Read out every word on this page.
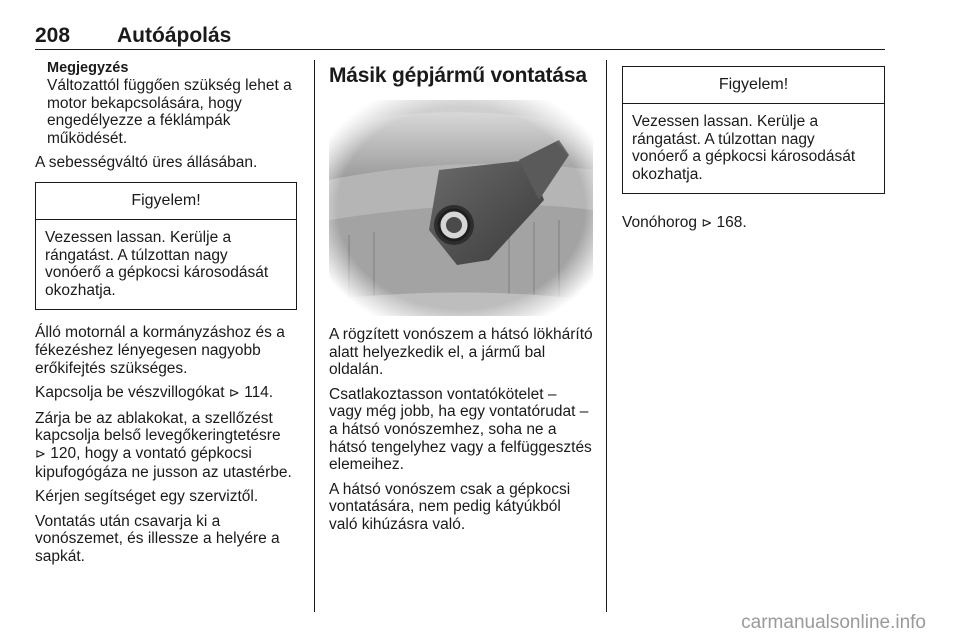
208 Autóápolás
Megjegyzés
Változattól függően szükség lehet a motor bekapcsolására, hogy engedélyezze a féklámpák működését.

A sebességváltó üres állásában.

Figyelem!
Vezessen lassan. Kerülje a rángatást. A túlzottan nagy vonóerő a gépkocsi károsodását okozhatja.

Álló motornál a kormányzáshoz és a fékezéshez lényegesen nagyobb erőkifejtés szükséges.

Kapcsolja be vészvillogókat ⊳ 114.

Zárja be az ablakokat, a szellőzést kapcsolja belső levegőkeringtetésre
⊳ 120, hogy a vontató gépkocsi kipufogógáza ne jusson az utastérbe.

Kérjen segítséget egy szerviztől.

Vontatás után csavarja ki a vonószemet, és illessze a helyére a sapkát.

Másik gépjármű vontatása

A rögzített vonószem a hátsó lökhárító alatt helyezkedik el, a jármű bal oldalán.

Csatlakoztasson vontatókötelet – vagy még jobb, ha egy vontatórudat – a hátsó vonószemhez, soha ne a hátsó tengelyhez vagy a felfüggesztés elemeihez.

A hátsó vonószem csak a gépkocsi vontatására, nem pedig kátyúkból való kihúzásra való.

Figyelem!
Vezessen lassan. Kerülje a rángatást. A túlzottan nagy vonóerő a gépkocsi károsodását okozhatja.

Vonóhorog ⊳ 168.

carmanualsonline.info
